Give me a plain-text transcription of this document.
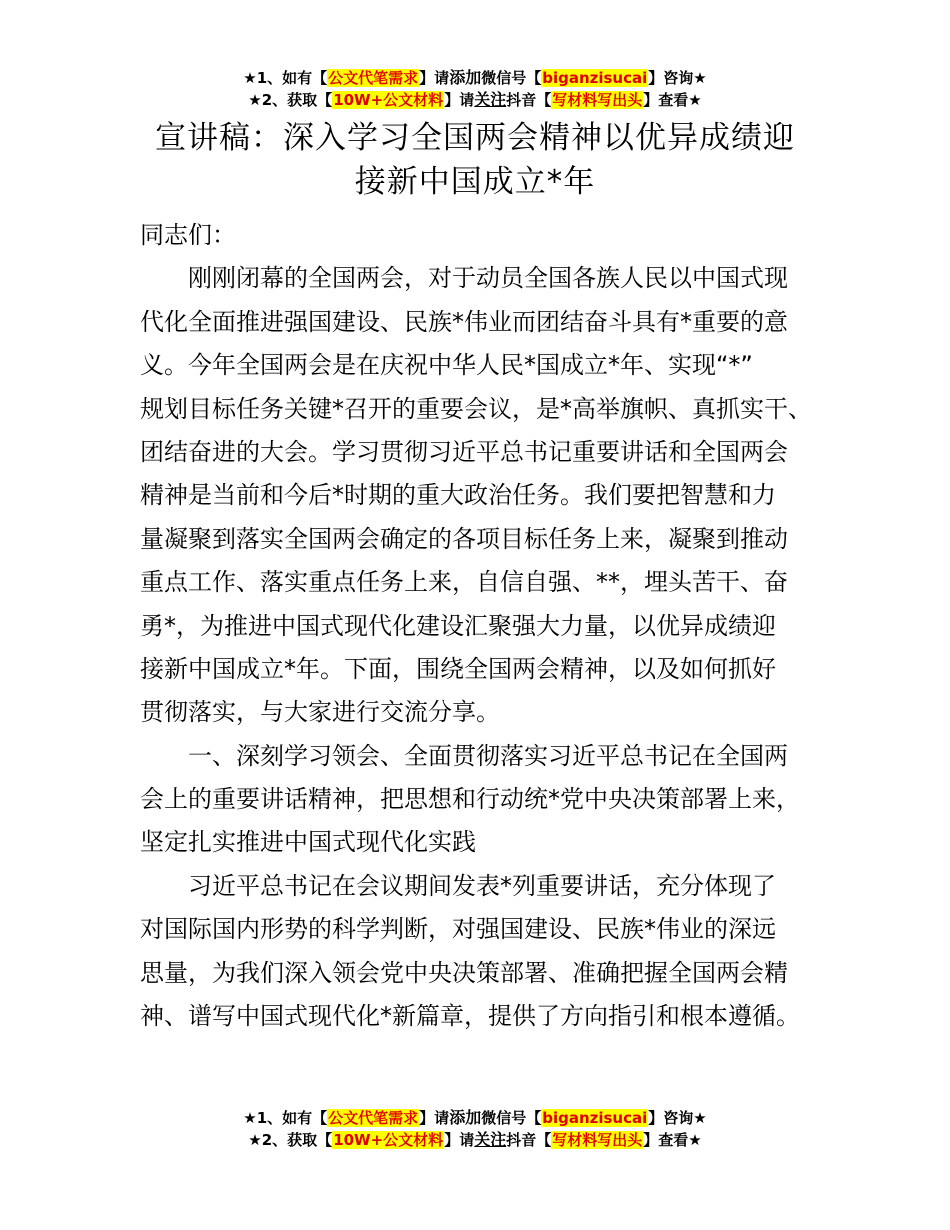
★1、如有【公文代笔需求】请添加微信号【biganzisucai】咨询★
★2、获取【10W+公文材料】请关注抖音【写材料写出头】查看★
宣讲稿：深入学习全国两会精神以优异成绩迎
接新中国成立*年
同志们：
　　刚刚闭幕的全国两会，对于动员全国各族人民以中国式现
代化全面推进强国建设、民族*伟业而团结奋斗具有*重要的意
义。今年全国两会是在庆祝中华人民*国成立*年、实现“*”
规划目标任务关键*召开的重要会议，是*高举旗帜、真抓实干、
团结奋进的大会。学习贯彻习近平总书记重要讲话和全国两会
精神是当前和今后*时期的重大政治任务。我们要把智慧和力
量凝聚到落实全国两会确定的各项目标任务上来，凝聚到推动
重点工作、落实重点任务上来，自信自强、**，埋头苦干、奋
勇*，为推进中国式现代化建设汇聚强大力量，以优异成绩迎
接新中国成立*年。下面，围绕全国两会精神，以及如何抓好
贯彻落实，与大家进行交流分享。
　　一、深刻学习领会、全面贯彻落实习近平总书记在全国两
会上的重要讲话精神，把思想和行动统*党中央决策部署上来，
坚定扎实推进中国式现代化实践
　　习近平总书记在会议期间发表*列重要讲话，充分体现了
对国际国内形势的科学判断，对强国建设、民族*伟业的深远
思量，为我们深入领会党中央决策部署、准确把握全国两会精
神、谱写中国式现代化*新篇章，提供了方向指引和根本遵循。
★1、如有【公文代笔需求】请添加微信号【biganzisucai】咨询★
★2、获取【10W+公文材料】请关注抖音【写材料写出头】查看★
